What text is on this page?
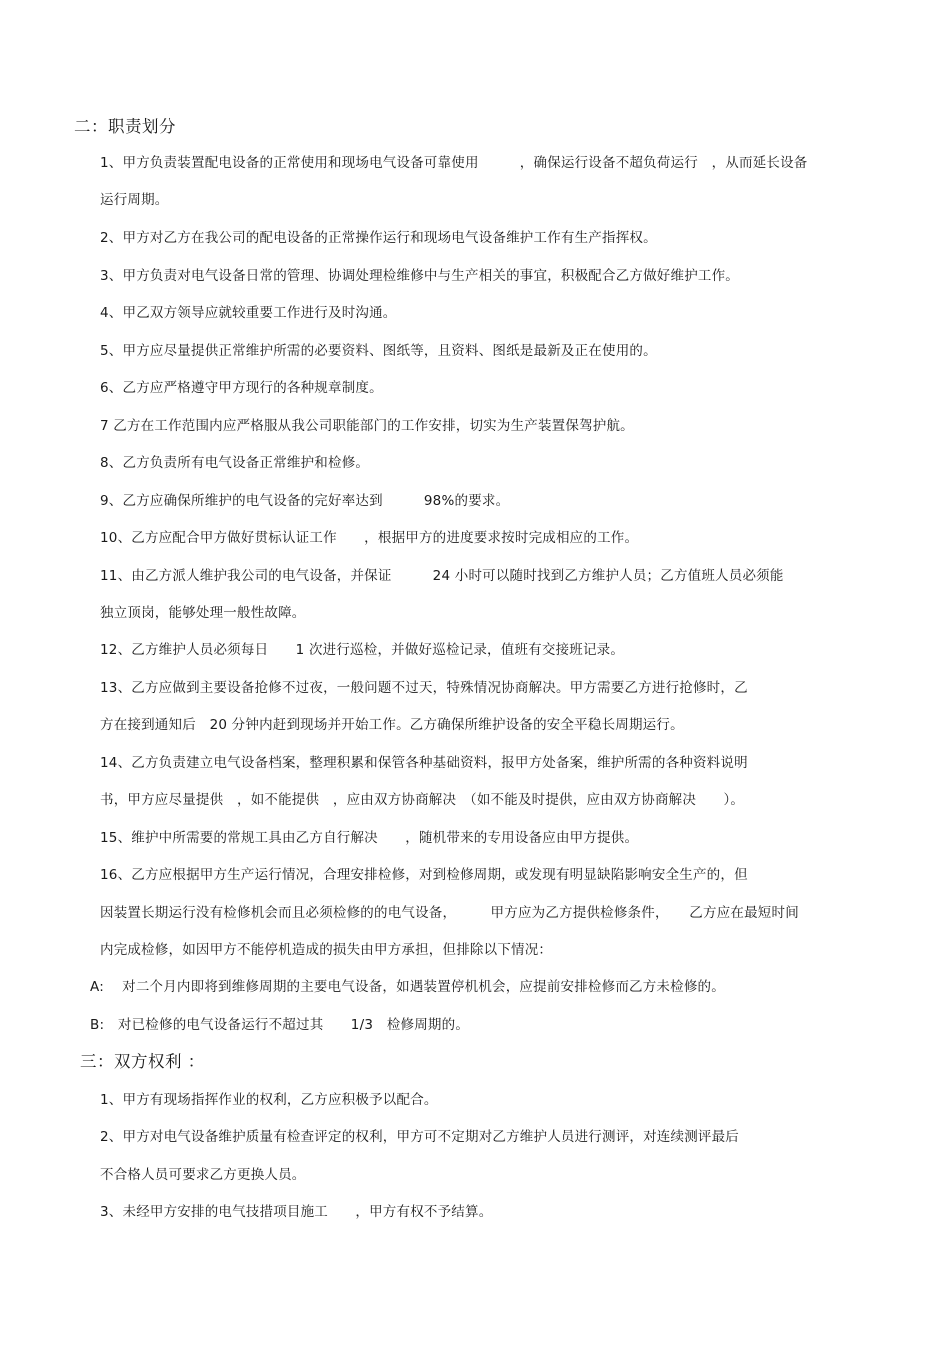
二：职责划分
1、甲方负责装置配电设备的正常使用和现场电气设备可靠使用　　　，确保运行设备不超负荷运行　，从而延长设备
运行周期。
2、甲方对乙方在我公司的配电设备的正常操作运行和现场电气设备维护工作有生产指挥权。
3、甲方负责对电气设备日常的管理、协调处理检维修中与生产相关的事宜，积极配合乙方做好维护工作。
4、甲乙双方领导应就较重要工作进行及时沟通。
5、甲方应尽量提供正常维护所需的必要资料、图纸等，且资料、图纸是最新及正在使用的。
6、乙方应严格遵守甲方现行的各种规章制度。
7 乙方在工作范围内应严格服从我公司职能部门的工作安排，切实为生产装置保驾护航。
8、乙方负责所有电气设备正常维护和检修。
9、乙方应确保所维护的电气设备的完好率达到　　　98%的要求。
10、乙方应配合甲方做好贯标认证工作　　，根据甲方的进度要求按时完成相应的工作。
11、由乙方派人维护我公司的电气设备，并保证　　　24 小时可以随时找到乙方维护人员；乙方值班人员必须能
独立顶岗，能够处理一般性故障。
12、乙方维护人员必须每日　　1 次进行巡检，并做好巡检记录，值班有交接班记录。
13、乙方应做到主要设备抢修不过夜，一般问题不过天，特殊情况协商解决。甲方需要乙方进行抢修时，乙
方在接到通知后　20 分钟内赶到现场并开始工作。乙方确保所维护设备的安全平稳长周期运行。
14、乙方负责建立电气设备档案，整理积累和保管各种基础资料，报甲方处备案，维护所需的各种资料说明
书，甲方应尽量提供　，如不能提供　，应由双方协商解决　（如不能及时提供，应由双方协商解决　　）。
15、维护中所需要的常规工具由乙方自行解决　　，随机带来的专用设备应由甲方提供。
16、乙方应根据甲方生产运行情况，合理安排检修，对到检修周期，或发现有明显缺陷影响安全生产的，但
因装置长期运行没有检修机会而且必须检修的的电气设备，　　　甲方应为乙方提供检修条件，　　乙方应在最短时间
内完成检修，如因甲方不能停机造成的损失由甲方承担，但排除以下情况：
A:　 对二个月内即将到维修周期的主要电气设备，如遇装置停机机会，应提前安排检修而乙方未检修的。
B:　对已检修的电气设备运行不超过其　　1/3　检修周期的。
三：双方权利 ：
1、甲方有现场指挥作业的权利，乙方应积极予以配合。
2、甲方对电气设备维护质量有检查评定的权利，甲方可不定期对乙方维护人员进行测评，对连续测评最后
不合格人员可要求乙方更换人员。
3、未经甲方安排的电气技措项目施工　　，甲方有权不予结算。
